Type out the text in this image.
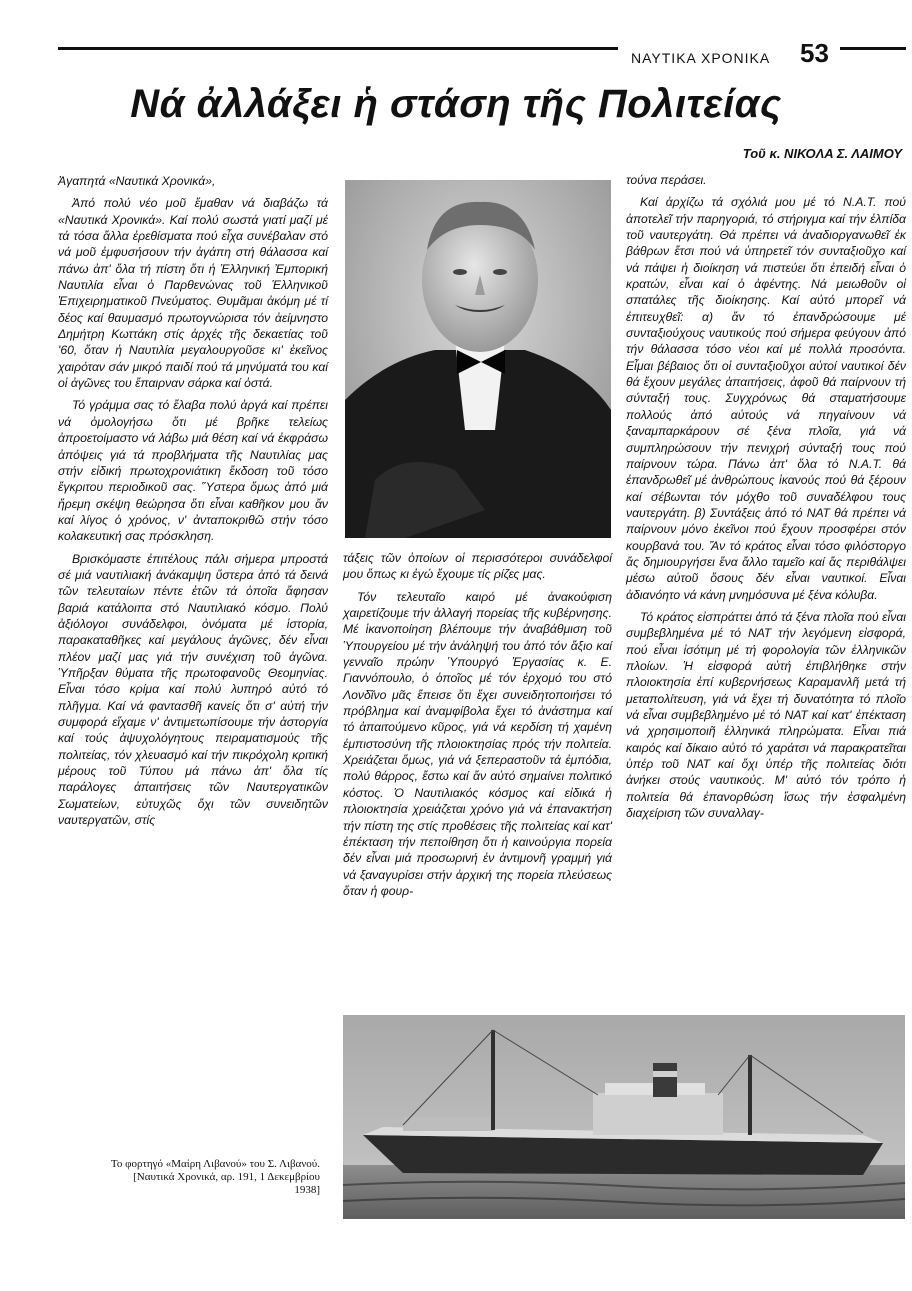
ΝΑΥΤΙΚΑ ΧΡΟΝΙΚΑ 53
Νά ἀλλάξει ἡ στάση τῆς Πολιτείας
Τοῦ κ. ΝΙΚΟΛΑ Σ. ΛΑΙΜΟΥ

Ἀγαπητά «Ναυτικά Χρονικά»,

Ἀπό πολύ νέο μοῦ ἔμαθαν νά διαβάζω τά «Ναυτικά Χρονικά». Καί πολύ σωστά γιατί μαζί μέ τά τόσα ἄλλα ἐρεθίσματα πού εἶχα συνέβαλαν στό νά μοῦ ἐμφυσήσουν τήν ἀγάπη στή θάλασσα καί πάνω ἀπ' ὅλα τή πίστη ὅτι ἡ Ἑλληνική Ἐμπορική Ναυτιλία εἶναι ὁ Παρθενώνας τοῦ Ἑλληνικοῦ Ἐπιχειρηματικοῦ Πνεύματος. Θυμᾶμαι ἀκόμη μέ τί δέος καί θαυμασμό πρωτογνώρισα τόν ἀείμνηστο Δημήτρη Κωττάκη στίς ἀρχές τῆς δεκαετίας τοῦ '60, ὅταν ἡ Ναυτιλία μεγαλουργοῦσε κι' ἐκεῖνος χαιρόταν σάν μικρό παιδί πού τά μηνύματά του καί οἱ ἀγῶνες του ἔπαιρναν σάρκα καί ὀστά.

Τό γράμμα σας τό ἔλαβα πολύ ἀργά καί πρέπει νά ὁμολογήσω ὅτι μέ βρῆκε τελείως ἀπροετοίμαστο νά λάβω μιά θέση καί νά ἐκφράσω ἀπόψεις γιά τά προβλήματα τῆς Ναυτιλίας μας στήν εἰδική πρωτοχρονιάτικη ἔκδοση τοῦ τόσο ἔγκριτου περιοδικοῦ σας. Ὕστερα ὅμως ἀπό μιά ἤρεμη σκέψη θεώρησα ὅτι εἶναι καθῆκον μου ἄν καί λίγος ὁ χρόνος, ν' ἀνταποκριθῶ στήν τόσο κολακευτική σας πρόσκληση.

Βρισκόμαστε ἐπιτέλους πάλι σήμερα μπροστά σέ μιά ναυτιλιακή ἀνάκαμψη ὕστερα ἀπό τά δεινά τῶν τελευταίων πέντε ἐτῶν τά ὁποῖα ἄφησαν βαριά κατάλοιπα στό Ναυτιλιακό κόσμο. Πολύ ἀξιόλογοι συνάδελφοι, ὀνόματα μέ ἱστορία, παρακαταθῆκες καί μεγάλους ἀγῶνες, δέν εἶναι πλέον μαζί μας γιά τήν συνέχιση τοῦ ἀγῶνα. Ὑπῆρξαν θύματα τῆς πρωτοφανοῦς Θεομηνίας. Εἶναι τόσο κρίμα καί πολύ λυπηρό αὐτό τό πλῆγμα. Καί νά φαντασθῆ κανείς ὅτι σ' αὐτή τήν συμφορά εἴχαμε ν' ἀντιμετωπίσουμε τήν ἀστοργία καί τούς ἀψυχολόγητους πειραματισμούς τῆς πολιτείας, τόν χλευασμό καί τήν πικρόχολη κριτική μέρους τοῦ Τύπου μά πάνω ἀπ' ὅλα τίς παράλογες ἀπαιτήσεις τῶν Ναυτεργατικῶν Σωματείων, εὐτυχῶς ὄχι τῶν συνειδητῶν ναυτεργατῶν, στίς

τάξεις τῶν ὁποίων οἱ περισσότεροι συνάδελφοί μου ὅπως κι ἐγώ ἔχουμε τίς ρίζες μας.

Τόν τελευταῖο καιρό μέ ἀνακούφιση χαιρετίζουμε τήν ἀλλαγή πορείας τῆς κυβέρνησης. Μέ ἱκανοποίηση βλέπουμε τήν ἀναβάθμιση τοῦ Ὑπουργείου μέ τήν ἀνάληψή του ἀπό τόν ἄξιο καί γενναῖο πρώην Ὑπουργό Ἐργασίας κ. Ε. Γιαννόπουλο, ὁ ὁποῖος μέ τόν ἐρχομό του στό Λονδῖνο μᾶς ἔπεισε ὅτι ἔχει συνειδητοποιήσει τό πρόβλημα καί ἀναμφίβολα ἔχει τό ἀνάστημα καί τό ἀπαιτούμενο κῦρος, γιά νά κερδίση τή χαμένη ἐμπιστοσύνη τῆς πλοιοκτησίας πρός τήν πολιτεία. Χρειάζεται ὅμως, γιά νά ξεπεραστοῦν τά ἐμπόδια, πολύ θάρρος, ἔστω καί ἄν αὐτό σημαίνει πολιτικό κόστος. Ὁ Ναυτιλιακός κόσμος καί εἰδικά ἡ πλοιοκτησία χρειάζεται χρόνο γιά νά ἐπανακτήση τήν πίστη της στίς προθέσεις τῆς πολιτείας καί κατ' ἐπέκταση τήν πεποίθηση ὅτι ἡ καινούργια πορεία δέν εἶναι μιά προσωρινή ἐν ἀντιμονῆ γραμμή γιά νά ξαναγυρίσει στήν ἀρχική της πορεία πλεύσεως ὅταν ἡ φουρ-

τούνα περάσει.

Καί ἀρχίζω τά σχόλιά μου μέ τό Ν.Α.Τ. πού ἀποτελεῖ τήν παρηγοριά, τό στήριγμα καί τήν ἐλπίδα τοῦ ναυτεργάτη. Θά πρέπει νά ἀναδιοργανωθεῖ ἐκ βάθρων ἔτσι πού νά ὑπηρετεῖ τόν συνταξιοῦχο καί νά πάψει ἡ διοίκηση νά πιστεύει ὅτι ἐπειδή εἶναι ὁ κρατών, εἶναι καί ὁ ἀφέντης. Νά μειωθοῦν οἱ σπατάλες τῆς διοίκησης. Καί αὐτό μπορεῖ νά ἐπιτευχθεῖ: α) ἄν τό ἐπανδρώσουμε μέ συνταξιούχους ναυτικούς πού σήμερα φεύγουν ἀπό τήν θάλασσα τόσο νέοι καί μέ πολλά προσόντα. Εἶμαι βέβαιος ὅτι οἱ συνταξιοῦχοι αὐτοί ναυτικοί δέν θά ἔχουν μεγάλες ἀπαιτήσεις, ἀφοῦ θά παίρνουν τή σύνταξή τους. Συγχρόνως θά σταματήσουμε πολλούς ἀπό αὐτούς νά πηγαίνουν νά ξαναμπαρκάρουν σέ ξένα πλοῖα, γιά νά συμπληρώσουν τήν πενιχρή σύνταξή τους πού παίρνουν τώρα. Πάνω ἀπ' ὅλα τό Ν.Α.Τ. θά ἐπανδρωθεῖ μέ ἀνθρώπους ἱκανούς πού θά ξέρουν καί σέβωνται τόν μόχθο τοῦ συναδέλφου τους ναυτεργάτη. β) Συντάξεις ἀπό τό ΝΑΤ θά πρέπει νά παίρνουν μόνο ἐκεῖνοι πού ἔχουν προσφέρει στόν κουρβανά του. Ἄν τό κράτος εἶναι τόσο φιλόστοργο ἄς δημιουργήσει ἕνα ἄλλο ταμεῖο καί ἄς περιθάλψει μέσω αὐτοῦ ὅσους δέν εἶναι ναυτικοί. Εἶναι ἀδιανόητο νά κάνη μνημόσυνα μέ ξένα κόλυβα.

Τό κράτος εἰσπράττει ἀπό τά ξένα πλοῖα πού εἶναι συμβεβλημένα μέ τό ΝΑΤ τήν λεγόμενη εἰσφορά, πού εἶναι ἰσότιμη μέ τή φορολογία τῶν ἑλληνικῶν πλοίων. Ἡ εἰσφορά αὐτή ἐπιβλήθηκε στήν πλοιοκτησία ἐπί κυβερνήσεως Καραμανλῆ μετά τή μεταπολίτευση, γιά νά ἔχει τή δυνατότητα τό πλοῖο νά εἶναι συμβεβλημένο μέ τό ΝΑΤ καί κατ' ἐπέκταση νά χρησιμοποιῆ ἑλληνικά πληρώματα. Εἶναι πιά καιρός καί δίκαιο αὐτό τό χαράτσι νά παρακρατεῖται ὑπέρ τοῦ ΝΑΤ καί ὄχι ὑπέρ τῆς πολιτείας διότι ἀνήκει στούς ναυτικούς. Μ' αὐτό τόν τρόπο ἡ πολιτεία θά ἐπανορθώση ἴσως τήν ἐσφαλμένη διαχείριση τῶν συναλλαγ-

Το φορτηγό «Μαίρη Λιβανού» του Σ. Λιβανού.
[Ναυτικά Χρονικά, αρ. 191, 1 Δεκεμβρίου
1938]
